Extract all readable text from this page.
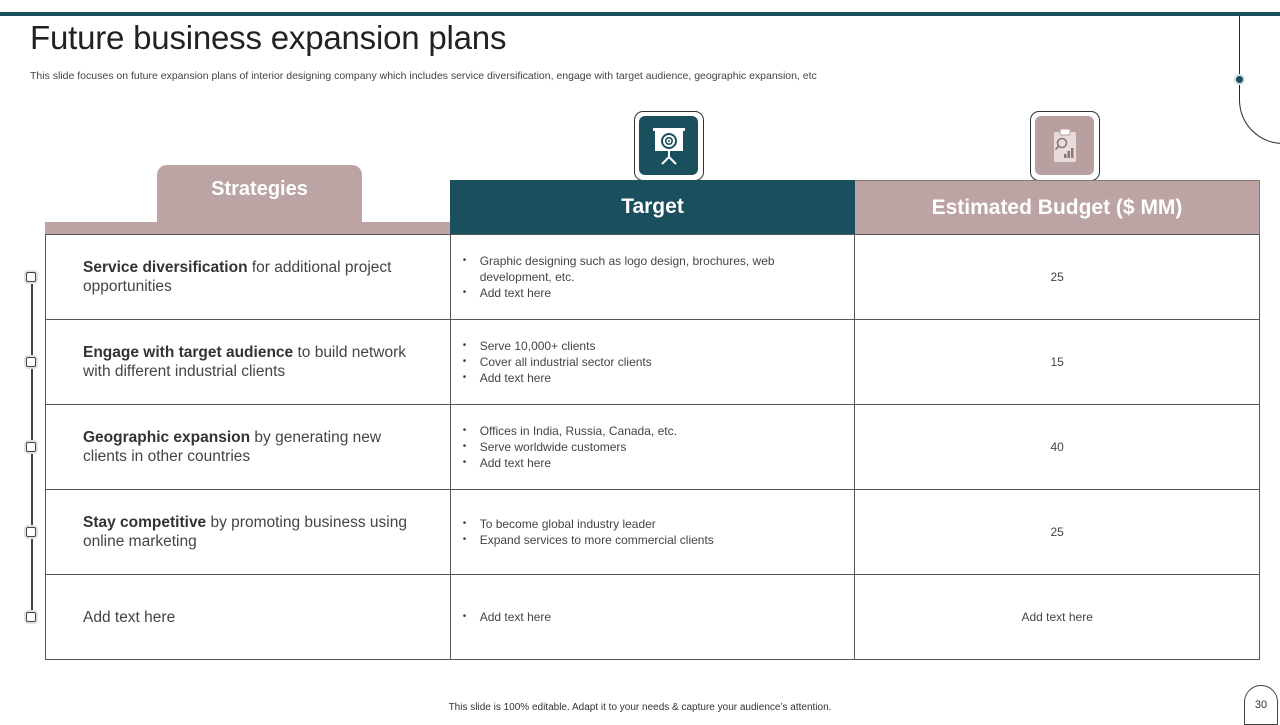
Future business expansion plans
This slide focuses on future expansion plans of interior designing company which includes service diversification, engage with target audience, geographic expansion, etc
Strategies
Target	Estimated Budget ($ MM)
Service diversification for additional project opportunities
• Graphic designing such as logo design, brochures, web development, etc.
• Add text here
25
Engage with target audience to build network with different industrial clients
• Serve 10,000+ clients
• Cover all industrial sector clients
• Add text here
15
Geographic expansion by generating new clients in other countries
• Offices in India, Russia, Canada, etc.
• Serve worldwide customers
• Add text here
40
Stay competitive by promoting business using online marketing
• To become global industry leader
• Expand services to more commercial clients
25
Add text here
•	Add text here	Add text here
This slide is 100% editable. Adapt it to your needs & capture your audience’s attention.	30
